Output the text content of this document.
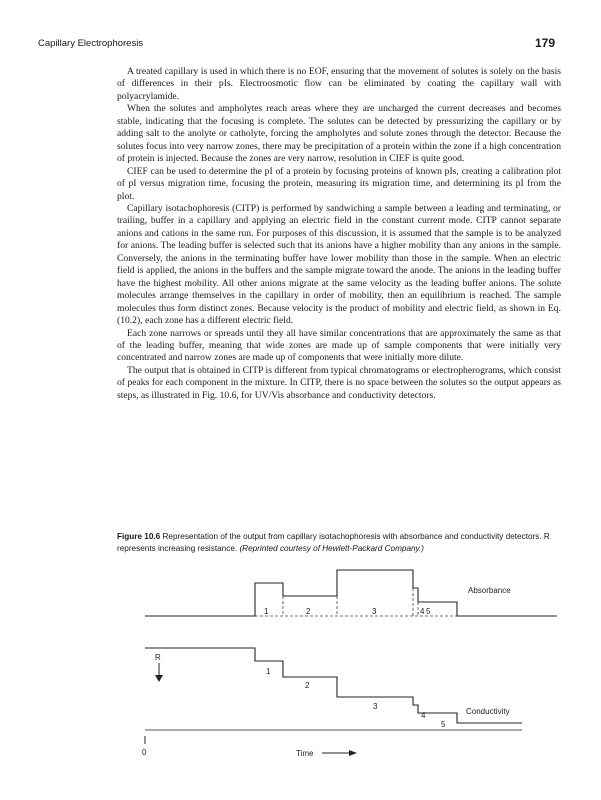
Capillary Electrophoresis	179

A treated capillary is used in which there is no EOF, ensuring that the movement of solutes is solely on the basis of differences in their pIs. Electroosmotic flow can be eliminated by coating the capillary wall with polyacrylamide.

When the solutes and ampholytes reach areas where they are uncharged the current decreases and becomes stable, indicating that the focusing is complete. The solutes can be detected by pressurizing the capillary or by adding salt to the anolyte or catholyte, forcing the ampholytes and solute zones through the detector. Because the solutes focus into very narrow zones, there may be precipitation of a protein within the zone if a high concentration of protein is injected. Because the zones are very narrow, resolution in CIEF is quite good.

CIEF can be used to determine the pI of a protein by focusing proteins of known pIs, creating a calibration plot of pI versus migration time, focusing the protein, measuring its migration time, and determining its pI from the plot.

Capillary isotachophoresis (CITP) is performed by sandwiching a sample between a leading and terminating, or trailing, buffer in a capillary and applying an electric field in the constant current mode. CITP cannot separate anions and cations in the same run. For purposes of this discussion, it is assumed that the sample is to be analyzed for anions. The leading buffer is selected such that its anions have a higher mobility than any anions in the sample. Conversely, the anions in the terminating buffer have lower mobility than those in the sample. When an electric field is applied, the anions in the buffers and the sample migrate toward the anode. The anions in the leading buffer have the highest mobility. All other anions migrate at the same velocity as the leading buffer anions. The solute molecules arrange themselves in the capillary in order of mobility, then an equilibrium is reached. The sample molecules thus form distinct zones. Because velocity is the product of mobility and electric field, as shown in Eq. (10.2), each zone has a different electric field.

Each zone narrows or spreads until they all have similar concentrations that are approximately the same as that of the leading buffer, meaning that wide zones are made up of sample components that were initially very concentrated and narrow zones are made up of components that were initially more dilute.

The output that is obtained in CITP is different from typical chromatograms or electropherograms, which consist of peaks for each component in the mixture. In CITP, there is no space between the solutes so the output appears as steps, as illustrated in Fig. 10.6, for UV/Vis absorbance and conductivity detectors.

Figure 10.6 Representation of the output from capillary isotachophoresis with absorbance and conductivity detectors. R represents increasing resistance. (Reprinted courtesy of Hewlett-Packard Company.)
1	2	3	4 5
Absorbance
R
1
2
3
4
5
Conductivity
0	Time
